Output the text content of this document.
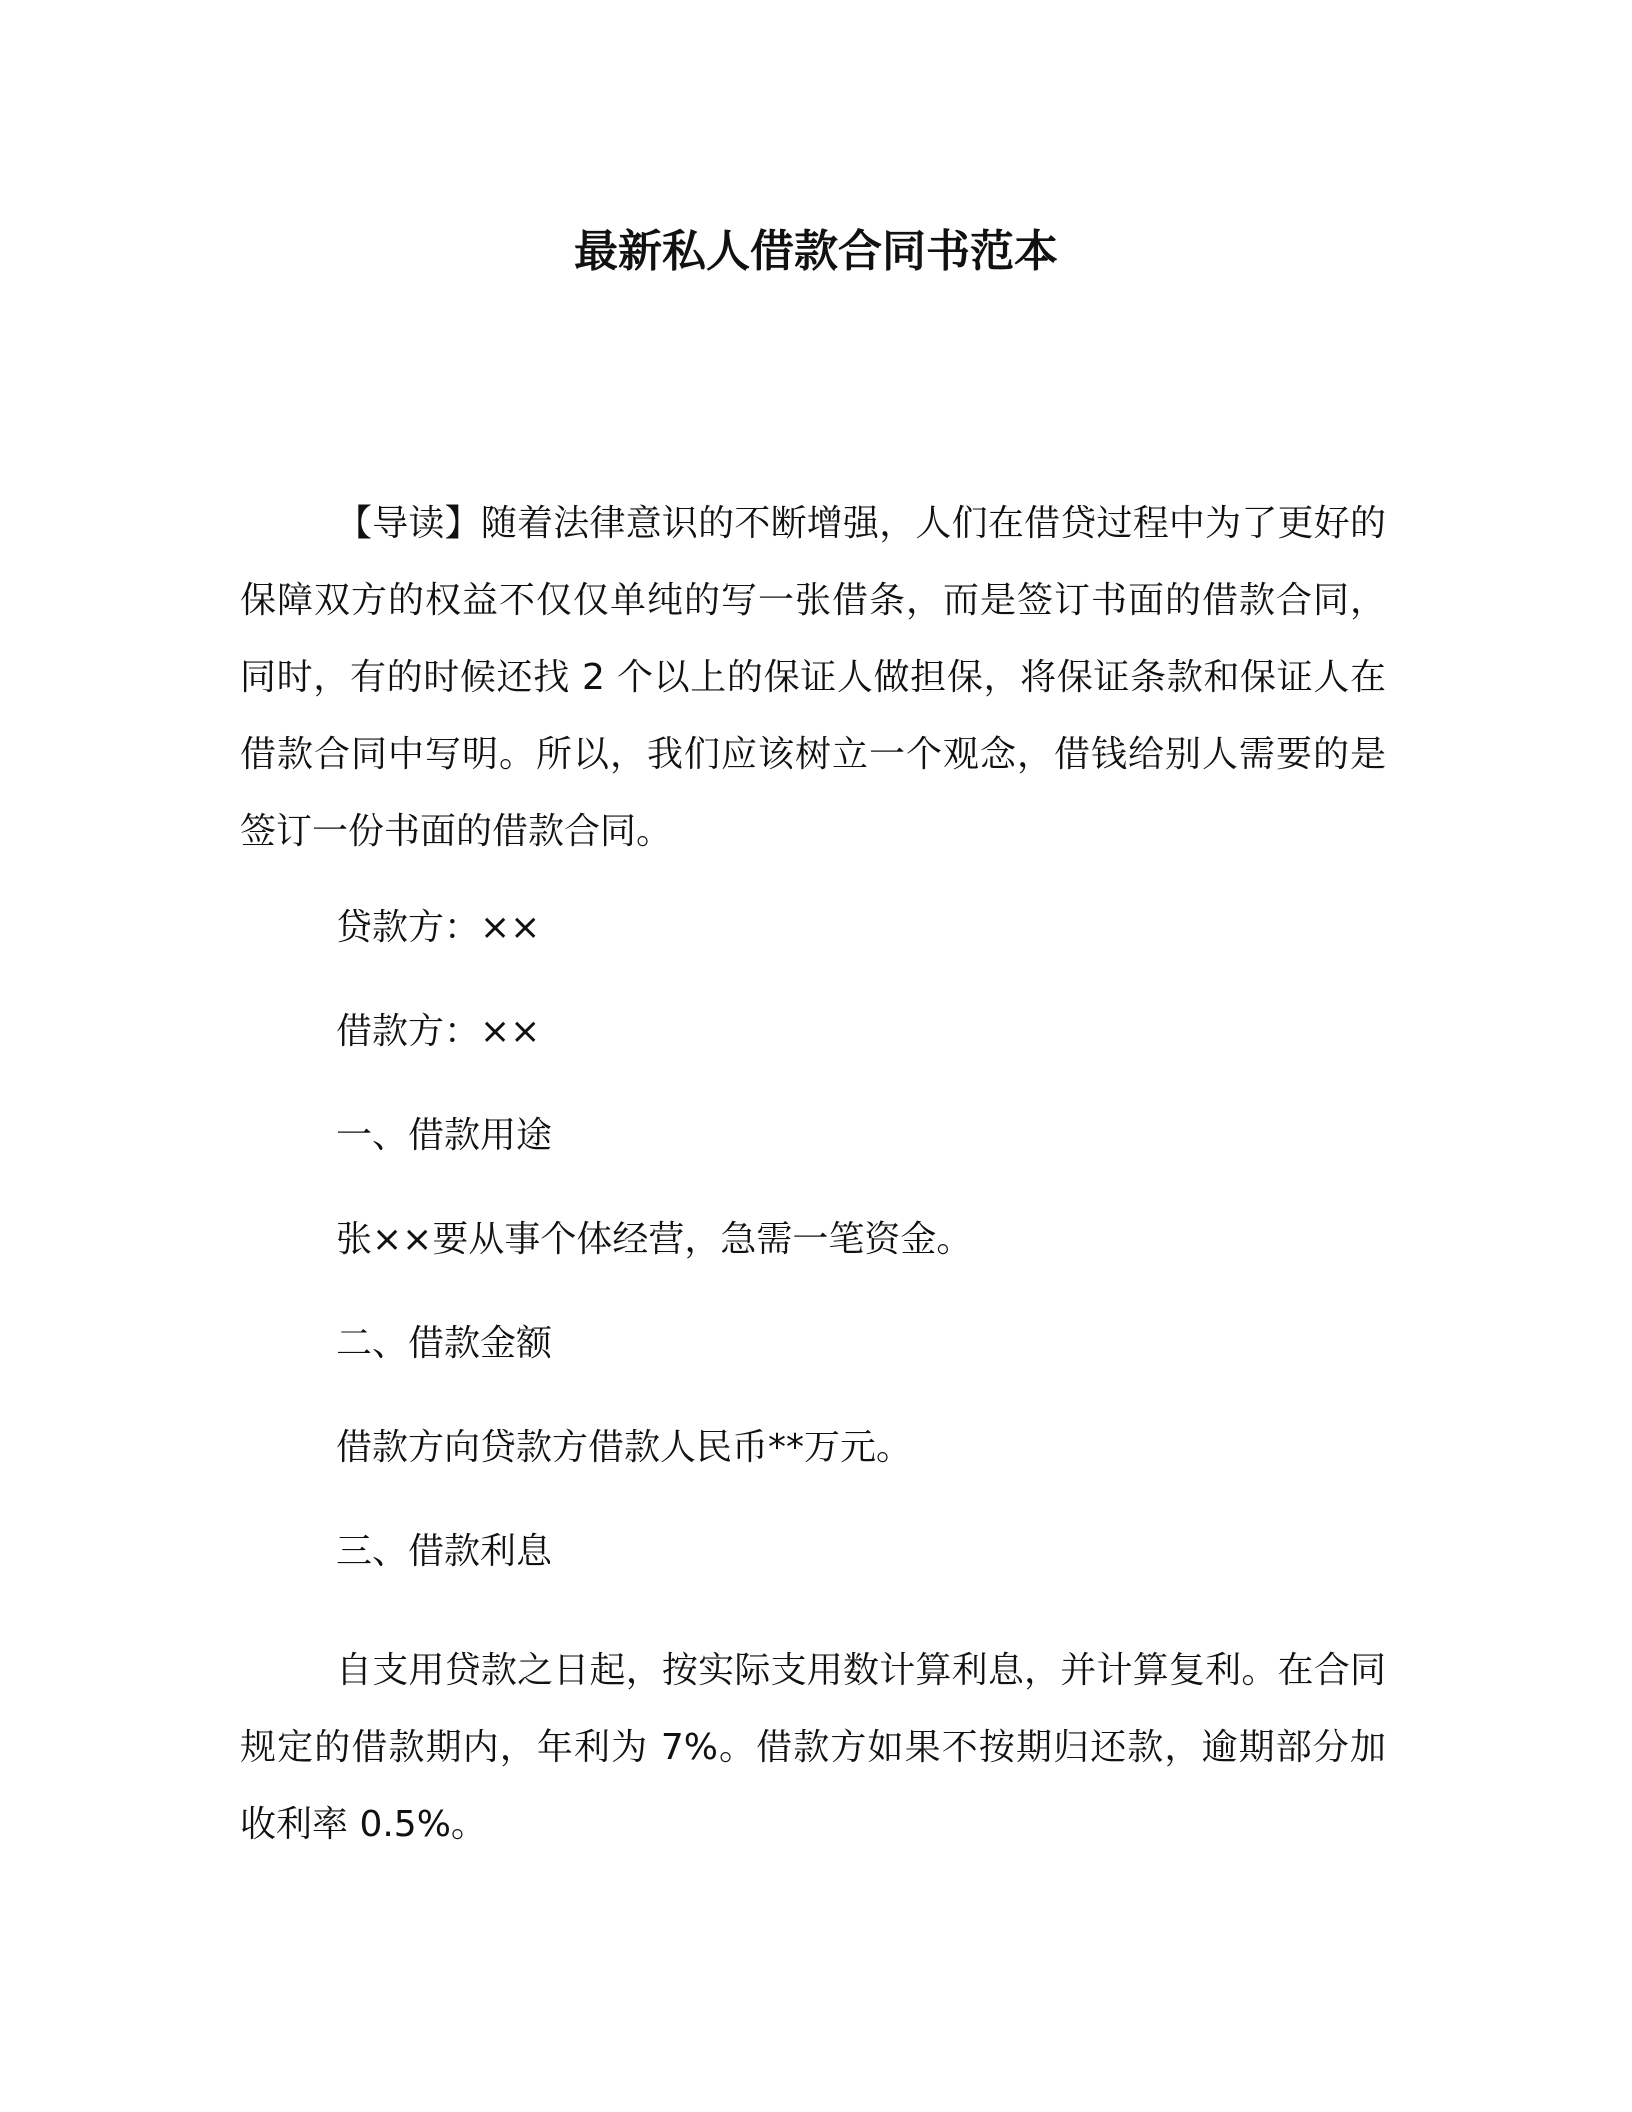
最新私人借款合同书范本

【导读】随着法律意识的不断增强，人们在借贷过程中为了更好的保障双方的权益不仅仅单纯的写一张借条，而是签订书面的借款合同，同时，有的时候还找 2 个以上的保证人做担保，将保证条款和保证人在借款合同中写明。所以，我们应该树立一个观念，借钱给别人需要的是签订一份书面的借款合同。

贷款方：××

借款方：××

一、借款用途

张××要从事个体经营，急需一笔资金。

二、借款金额

借款方向贷款方借款人民币**万元。

三、借款利息

自支用贷款之日起，按实际支用数计算利息，并计算复利。在合同规定的借款期内，年利为 7%。借款方如果不按期归还款，逾期部分加收利率 0.5%。
